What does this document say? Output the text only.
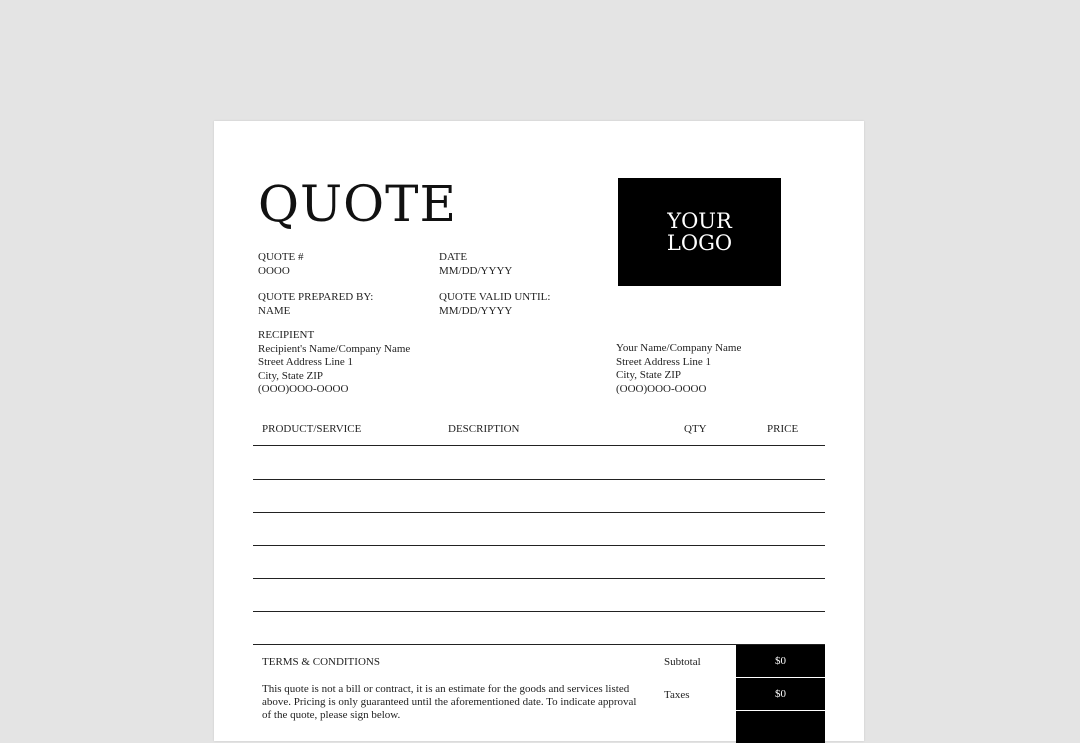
QUOTE	YOUR
LOGO
QUOTE #
OOOO
DATE
MM/DD/YYYY
QUOTE PREPARED BY:
NAME
QUOTE VALID UNTIL:
MM/DD/YYYY
RECIPIENT
Recipient's Name/Company Name
Street Address Line 1
City, State ZIP
(OOO)OOO-OOOO
Your Name/Company Name
Street Address Line 1
City, State ZIP
(OOO)OOO-OOOO
PRODUCT/SERVICE	DESCRIPTION	QTY	PRICE
TERMS & CONDITIONS
This quote is not a bill or contract, it is an estimate for the goods and services listed above. Pricing is only guaranteed until the aforementioned date. To indicate approval of the quote, please sign below.
Subtotal	$0
Taxes	$0
